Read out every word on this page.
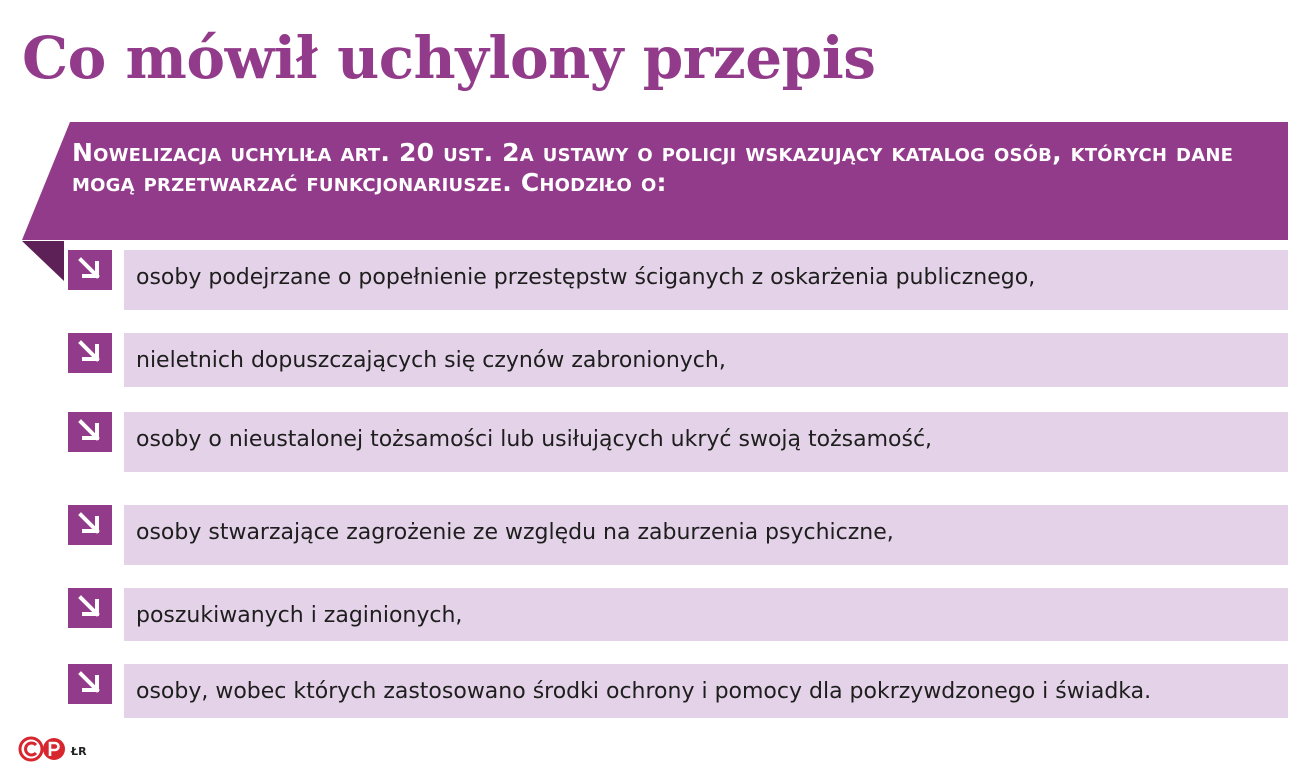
Co mówił uchylony przepis

Nowelizacja uchyliła art. 20 ust. 2a ustawy o policji wskazujący katalog osób, których dane mogą przetwarzać funkcjonariusze. Chodziło o:

osoby podejrzane o popełnienie przestępstw ściganych z oskarżenia publicznego,
nieletnich dopuszczających się czynów zabronionych,
osoby o nieustalonej tożsamości lub usiłujących ukryć swoją tożsamość,
osoby stwarzające zagrożenie ze względu na zaburzenia psychiczne,
poszukiwanych i zaginionych,
osoby, wobec których zastosowano środki ochrony i pomocy dla pokrzywdzonego i świadka.
ŁR
